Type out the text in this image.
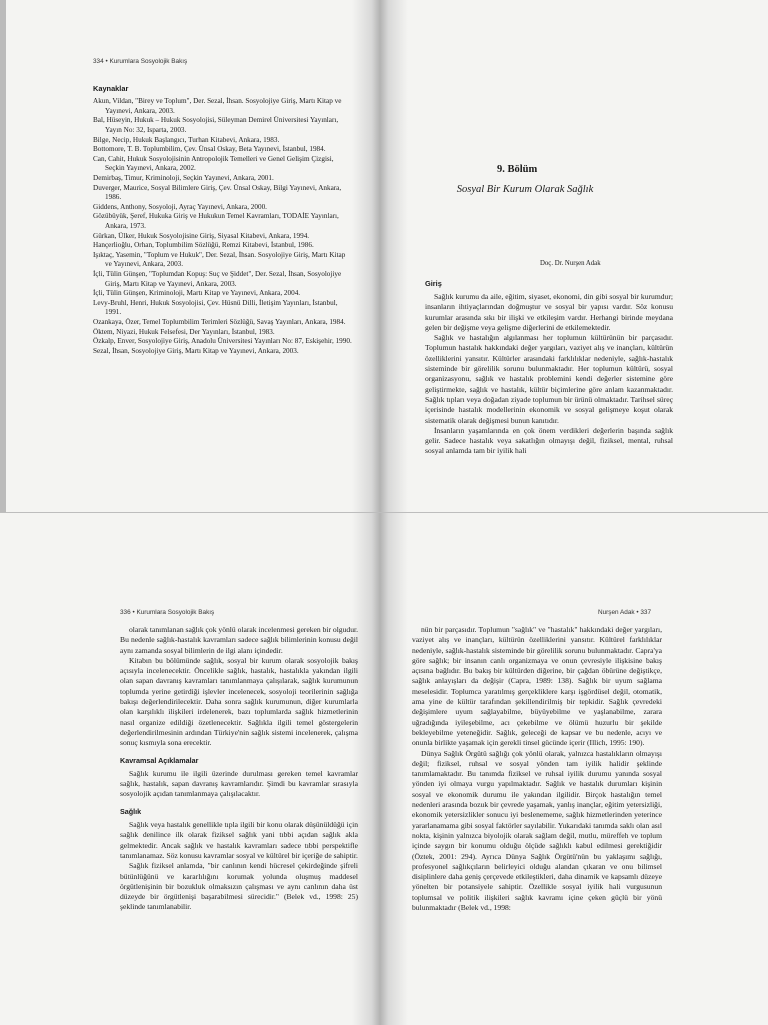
334 • Kurumlara Sosyolojik Bakış
Kaynaklar

Akun, Vildan, "Birey ve Toplum", Der. Sezal, İhsan. Sosyolojiye Giriş, Martı Kitap ve Yayınevi, Ankara, 2003.

Bal, Hüseyin, Hukuk – Hukuk Sosyolojisi, Süleyman Demirel Üniversitesi Yayınları, Yayın No: 32, Isparta, 2003.

Bilge, Necip, Hukuk Başlangıcı, Turhan Kitabevi, Ankara, 1983.

Bottomore, T. B. Toplumbilim, Çev. Ünsal Oskay, Beta Yayınevi, İstanbul, 1984.

Can, Cahit, Hukuk Sosyolojisinin Antropolojik Temelleri ve Genel Gelişim Çizgisi, Seçkin Yayınevi, Ankara, 2002.

Demirbaş, Timur, Kriminoloji, Seçkin Yayınevi, Ankara, 2001.

Duverger, Maurice, Sosyal Bilimlere Giriş, Çev. Ünsal Oskay, Bilgi Yayınevi, Ankara, 1986.

Giddens, Anthony, Sosyoloji, Ayraç Yayınevi, Ankara, 2000.

Gözübüyük, Şeref, Hukuka Giriş ve Hukukun Temel Kavramları, TODAİE Yayınları, Ankara, 1973.

Gürkan, Ülker, Hukuk Sosyolojisine Giriş, Siyasal Kitabevi, Ankara, 1994.

Hançerlioğlu, Orhan, Toplumbilim Sözlüğü, Remzi Kitabevi, İstanbul, 1986.

Işıktaç, Yasemin, "Toplum ve Hukuk", Der. Sezal, İhsan. Sosyolojiye Giriş, Martı Kitap ve Yayınevi, Ankara, 2003.

İçli, Tülin Günşen, "Toplumdan Kopuş: Suç ve Şiddet", Der. Sezal, İhsan, Sosyolojiye Giriş, Martı Kitap ve Yayınevi, Ankara, 2003.

İçli, Tülin Günşen, Kriminoloji, Martı Kitap ve Yayınevi, Ankara, 2004.

Levy-Bruhl, Henri, Hukuk Sosyolojisi, Çev. Hüsnü Dilli, İletişim Yayınları, İstanbul, 1991.

Ozankaya, Özer, Temel Toplumbilim Terimleri Sözlüğü, Savaş Yayınları, Ankara, 1984.

Öktem, Niyazi, Hukuk Felsefesi, Der Yayınları, İstanbul, 1983.

Özkalp, Enver, Sosyolojiye Giriş, Anadolu Üniversitesi Yayınları No: 87, Eskişehir, 1990.

Sezal, İhsan, Sosyolojiye Giriş, Martı Kitap ve Yayınevi, Ankara, 2003.

9. Bölüm
Sosyal Bir Kurum Olarak Sağlık
Doç. Dr. Nurşen Adak
Giriş

Sağlık kurumu da aile, eğitim, siyaset, ekonomi, din gibi sosyal bir kurumdur; insanların ihtiyaçlarından doğmuştur ve sosyal bir yapısı vardır. Söz konusu kurumlar arasında sıkı bir ilişki ve etkileşim vardır. Herhangi birinde meydana gelen bir değişme veya gelişme diğerlerini de etkilemektedir.

Sağlık ve hastalığın algılanması her toplumun kültürünün bir parçasıdır. Toplumun hastalık hakkındaki değer yargıları, vaziyet alış ve inançları, kültürün özelliklerini yansıtır. Kültürler arasındaki farklılıklar nedeniyle, sağlık-hastalık sisteminde bir görelilik sorunu bulunmaktadır. Her toplumun kültürü, sosyal organizasyonu, sağlık ve hastalık problemini kendi değerler sistemine göre geliştirmekte, sağlık ve hastalık, kültür biçimlerine göre anlam kazanmaktadır. Sağlık tıpları veya doğadan ziyade toplumun bir ürünü olmaktadır. Tarihsel süreç içerisinde hastalık modellerinin ekonomik ve sosyal gelişmeye koşut olarak sistematik olarak değişmesi bunun kanıtıdır.

İnsanların yaşamlarında en çok önem verdikleri değerlerin başında sağlık gelir. Sadece hastalık veya sakatlığın olmayışı değil, fiziksel, mental, ruhsal sosyal anlamda tam bir iyilik hali

336 • Kurumlara Sosyolojik Bakış

olarak tanımlanan sağlık çok yönlü olarak incelenmesi gereken bir olgudur. Bu nedenle sağlık-hastalık kavramları sadece sağlık bilimlerinin konusu değil aynı zamanda sosyal bilimlerin de ilgi alanı içindedir.

Kitabın bu bölümünde sağlık, sosyal bir kurum olarak sosyolojik bakış açısıyla incelenecektir. Öncelikle sağlık, hastalık, hastalıkla yakından ilgili olan sapan davranış kavramları tanımlanmaya çalışılarak, sağlık kurumunun toplumda yerine getirdiği işlevler incelenecek, sosyoloji teorilerinin sağlığa bakışı değerlendirilecektir. Daha sonra sağlık kurumunun, diğer kurumlarla olan karşılıklı ilişkileri irdelenerek, bazı toplumlarda sağlık hizmetlerinin nasıl organize edildiği özetlenecektir. Sağlıkla ilgili temel göstergelerin değerlendirilmesinin ardından Türkiye'nin sağlık sistemi incelenerek, çalışma sonuç kısmıyla sona erecektir.

Kavramsal Açıklamalar

Sağlık kurumu ile ilgili üzerinde durulması gereken temel kavramlar sağlık, hastalık, sapan davranış kavramlarıdır. Şimdi bu kavramlar sırasıyla sosyolojik açıdan tanımlanmaya çalışılacaktır.

Sağlık

Sağlık veya hastalık genellikle tıpla ilgili bir konu olarak düşünüldüğü için sağlık denilince ilk olarak fiziksel sağlık yani tıbbi açıdan sağlık akla gelmektedir. Ancak sağlık ve hastalık kavramları sadece tıbbi perspektifle tanımlanamaz. Söz konusu kavramlar sosyal ve kültürel bir içeriğe de sahiptir.

Sağlık fiziksel anlamda, "bir canlının kendi hücresel çekirdeğinde şifreli bütünlüğünü ve kararlılığını korumak yolunda oluşmuş maddesel örgütlenişinin bir bozukluk olmaksızın çalışması ve aynı canlının daha üst düzeyde bir örgütlenişi başarabilmesi sürecidir." (Belek vd., 1998: 25) şeklinde tanımlanabilir.

Nurşen Adak • 337

nün bir parçasıdır. Toplumun "sağlık" ve "hastalık" hakkındaki değer yargıları, vaziyet alış ve inançları, kültürün özelliklerini yansıtır. Kültürel farklılıklar nedeniyle, sağlık-hastalık sisteminde bir görelilik sorunu bulunmaktadır. Capra'ya göre sağlık; bir insanın canlı organizmaya ve onun çevresiyle ilişkisine bakış açısına bağlıdır. Bu bakış bir kültürden diğerine, bir çağdan öbürüne değiştikçe, sağlık anlayışları da değişir (Capra, 1989: 138). Sağlık bir uyum sağlama meselesidir. Toplumca yaratılmış gerçekliklere karşı işgördüsel değil, otomatik, ama yine de kültür tarafından şekillendirilmiş bir tepkidir. Sağlık çevredeki değişimlere uyum sağlayabilme, büyüyebilme ve yaşlanabilme, zarara uğradığında iyileşebilme, acı çekebilme ve ölümü huzurlu bir şekilde bekleyebilme yeteneğidir. Sağlık, geleceği de kapsar ve bu nedenle, acıyı ve onunla birlikte yaşamak için gerekli tinsel gücünde içerir (Illich, 1995: 190).

Dünya Sağlık Örgütü sağlığı çok yönlü olarak, yalnızca hastalıkların olmayışı değil; fiziksel, ruhsal ve sosyal yönden tam iyilik halidir şeklinde tanımlamaktadır. Bu tanımda fiziksel ve ruhsal iyilik durumu yanında sosyal yönden iyi olmaya vurgu yapılmaktadır. Sağlık ve hastalık durumları kişinin sosyal ve ekonomik durumu ile yakından ilgilidir. Birçok hastalığın temel nedenleri arasında bozuk bir çevrede yaşamak, yanlış inançlar, eğitim yetersizliği, ekonomik yetersizlikler sonucu iyi beslenememe, sağlık hizmetlerinden yeterince yararlanamama gibi sosyal faktörler sayılabilir. Yukarıdaki tanımda saklı olan asıl nokta, kişinin yalnızca biyolojik olarak sağlam değil, mutlu, müreffeh ve toplum içinde saygın bir konumu olduğu ölçüde sağlıklı kabul edilmesi gerektiğidir (Öztek, 2001: 294). Ayrıca Dünya Sağlık Örgütü'nün bu yaklaşımı sağlığı, profesyonel sağlıkçıların belirleyici olduğu alandan çıkaran ve onu bilimsel disiplinlere daha geniş çerçevede etkileştikleri, daha dinamik ve kapsamlı düzeye yönelten bir potansiyele sahiptir. Özellikle sosyal iyilik hali vurgusunun toplumsal ve politik ilişkileri sağlık kavramı içine çeken güçlü bir yönü bulunmaktadır (Belek vd., 1998:
